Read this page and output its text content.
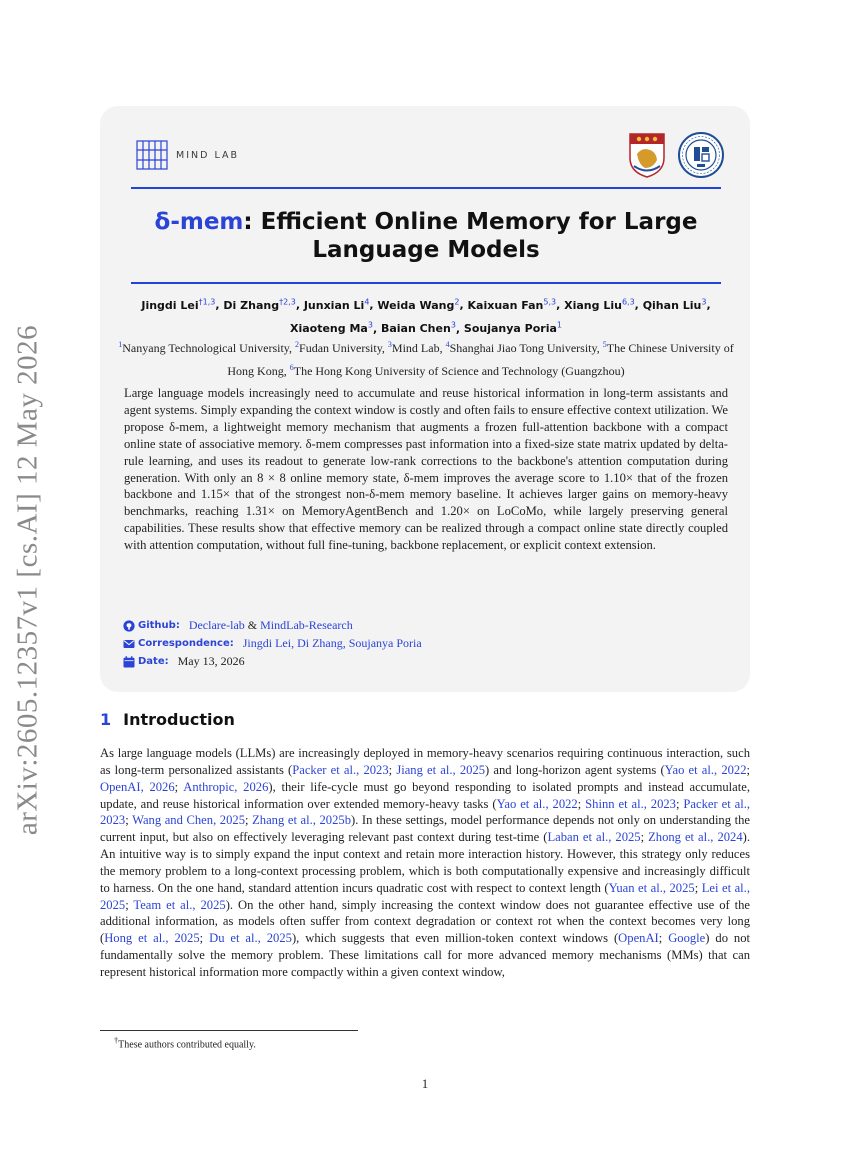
arXiv:2605.12357v1 [cs.AI] 12 May 2026
MIND LAB
δ-mem: Efficient Online Memory for Large Language Models
Jingdi Lei$^{\dagger 1,3}$, Di Zhang$^{\dagger 2,3}$, Junxian Li$^4$, Weida Wang$^2$, Kaixuan Fan$^{5,3}$, Xiang Liu$^{6,3}$, Qihan Liu$^3$, Xiaoteng Ma$^3$, Baian Chen$^3$, Soujanya Poria$^1$
$^1$Nanyang Technological University, $^2$Fudan University, $^3$Mind Lab, $^4$Shanghai Jiao Tong University, $^5$The Chinese University of Hong Kong, $^6$The Hong Kong University of Science and Technology (Guangzhou)
Large language models increasingly need to accumulate and reuse historical information in long-term assistants and agent systems. Simply expanding the context window is costly and often fails to ensure effective context utilization. We propose δ-mem, a lightweight memory mechanism that augments a frozen full-attention backbone with a compact online state of associative memory. δ-mem compresses past information into a fixed-size state matrix updated by delta-rule learning, and uses its readout to generate low-rank corrections to the backbone's attention computation during generation. With only an 8 × 8 online memory state, δ-mem improves the average score to 1.10× that of the frozen backbone and 1.15× that of the strongest non-δ-mem memory baseline. It achieves larger gains on memory-heavy benchmarks, reaching 1.31× on MemoryAgentBench and 1.20× on LoCoMo, while largely preserving general capabilities. These results show that effective memory can be realized through a compact online state directly coupled with attention computation, without full fine-tuning, backbone replacement, or explicit context extension.
Github: Declare-lab & MindLab-Research
Correspondence: Jingdi Lei, Di Zhang, Soujanya Poria
Date: May 13, 2026
1 Introduction
As large language models (LLMs) are increasingly deployed in memory-heavy scenarios requiring continuous interaction, such as long-term personalized assistants (Packer et al., 2023; Jiang et al., 2025) and long-horizon agent systems (Yao et al., 2022; OpenAI, 2026; Anthropic, 2026), their life-cycle must go beyond responding to isolated prompts and instead accumulate, update, and reuse historical information over extended memory-heavy tasks (Yao et al., 2022; Shinn et al., 2023; Packer et al., 2023; Wang and Chen, 2025; Zhang et al., 2025b). In these settings, model performance depends not only on understanding the current input, but also on effectively leveraging relevant past context during test-time (Laban et al., 2025; Zhong et al., 2024). An intuitive way is to simply expand the input context and retain more interaction history. However, this strategy only reduces the memory problem to a long-context processing problem, which is both computationally expensive and increasingly difficult to harness. On the one hand, standard attention incurs quadratic cost with respect to context length (Yuan et al., 2025; Lei et al., 2025; Team et al., 2025). On the other hand, simply increasing the context window does not guarantee effective use of the additional information, as models often suffer from context degradation or context rot when the context becomes very long (Hong et al., 2025; Du et al., 2025), which suggests that even million-token context windows (OpenAI; Google) do not fundamentally solve the memory problem. These limitations call for more advanced memory mechanisms (MMs) that can represent historical information more compactly within a given context window,
†These authors contributed equally.
1
